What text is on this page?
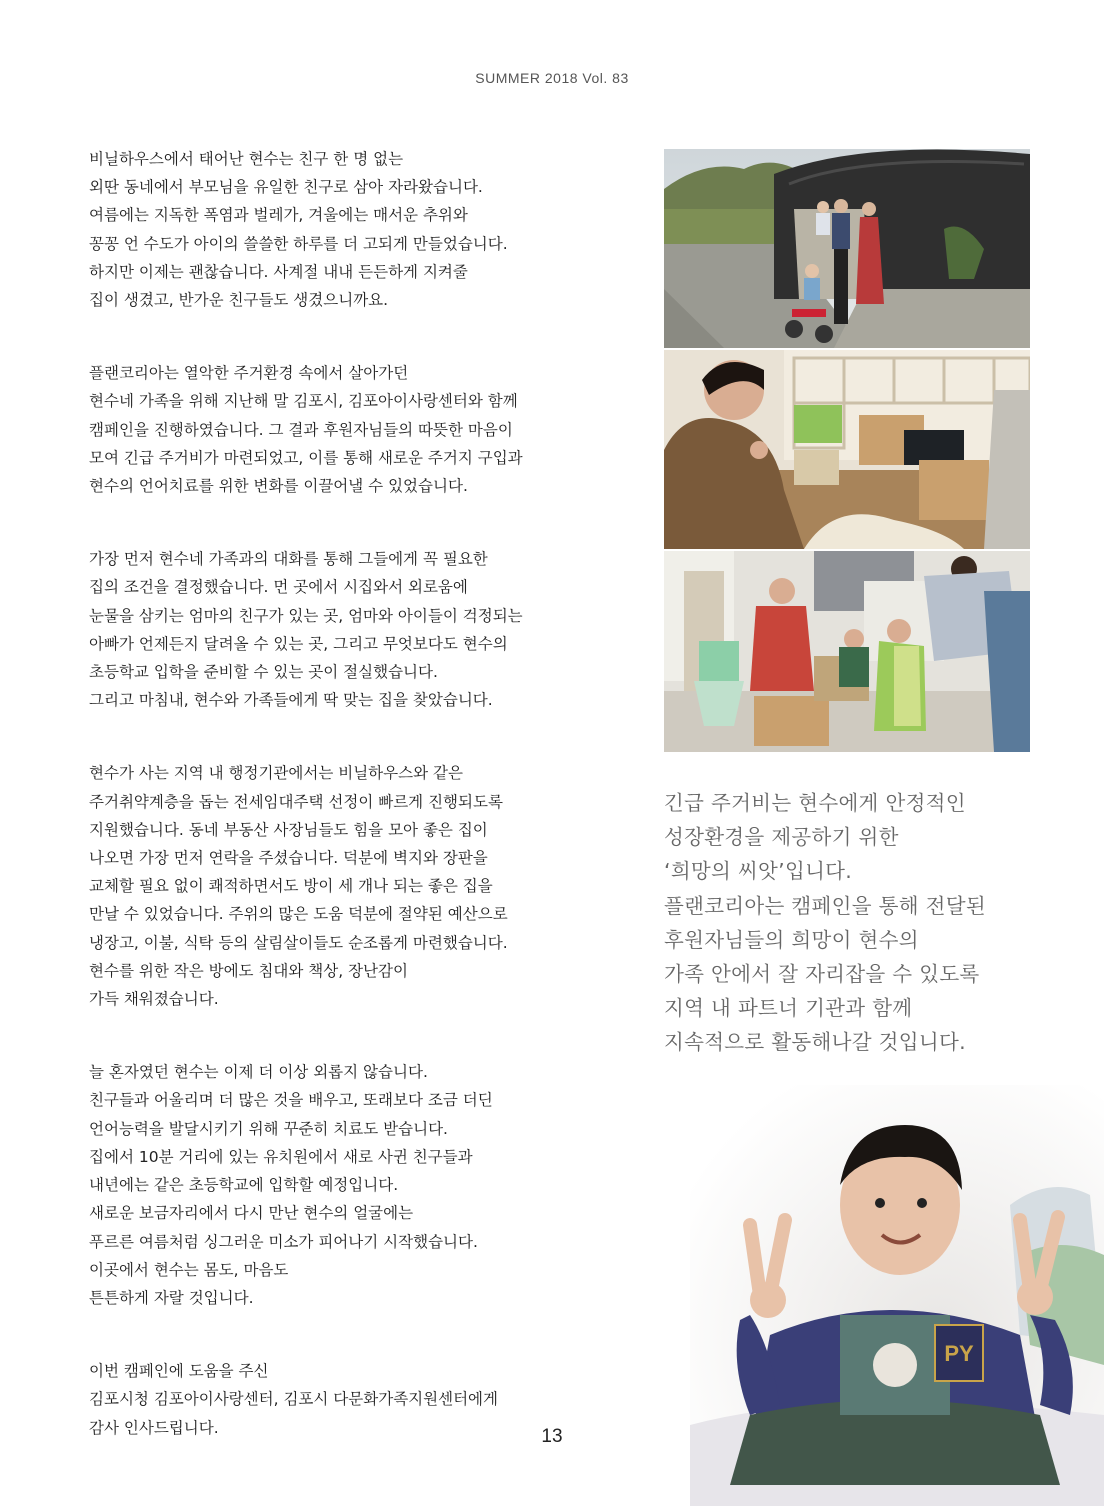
SUMMER 2018 Vol. 83
비닐하우스에서 태어난 현수는 친구 한 명 없는
외딴 동네에서 부모님을 유일한 친구로 삼아 자라왔습니다.
여름에는 지독한 폭염과 벌레가, 겨울에는 매서운 추위와
꽁꽁 언 수도가 아이의 쓸쓸한 하루를 더 고되게 만들었습니다.
하지만 이제는 괜찮습니다. 사계절 내내 든든하게 지켜줄
집이 생겼고, 반가운 친구들도 생겼으니까요.
플랜코리아는 열악한 주거환경 속에서 살아가던
현수네 가족을 위해 지난해 말 김포시, 김포아이사랑센터와 함께
캠페인을 진행하였습니다. 그 결과 후원자님들의 따뜻한 마음이
모여 긴급 주거비가 마련되었고, 이를 통해 새로운 주거지 구입과
현수의 언어치료를 위한 변화를 이끌어낼 수 있었습니다.
가장 먼저 현수네 가족과의 대화를 통해 그들에게 꼭 필요한
집의 조건을 결정했습니다. 먼 곳에서 시집와서 외로움에
눈물을 삼키는 엄마의 친구가 있는 곳, 엄마와 아이들이 걱정되는
아빠가 언제든지 달려올 수 있는 곳, 그리고 무엇보다도 현수의
초등학교 입학을 준비할 수 있는 곳이 절실했습니다.
그리고 마침내, 현수와 가족들에게 딱 맞는 집을 찾았습니다.
현수가 사는 지역 내 행정기관에서는 비닐하우스와 같은
주거취약계층을 돕는 전세임대주택 선정이 빠르게 진행되도록
지원했습니다. 동네 부동산 사장님들도 힘을 모아 좋은 집이
나오면 가장 먼저 연락을 주셨습니다. 덕분에 벽지와 장판을
교체할 필요 없이 쾌적하면서도 방이 세 개나 되는 좋은 집을
만날 수 있었습니다. 주위의 많은 도움 덕분에 절약된 예산으로
냉장고, 이불, 식탁 등의 살림살이들도 순조롭게 마련했습니다.
현수를 위한 작은 방에도 침대와 책상, 장난감이
가득 채워졌습니다.
늘 혼자였던 현수는 이제 더 이상 외롭지 않습니다.
친구들과 어울리며 더 많은 것을 배우고, 또래보다 조금 더딘
언어능력을 발달시키기 위해 꾸준히 치료도 받습니다.
집에서 10분 거리에 있는 유치원에서 새로 사귄 친구들과
내년에는 같은 초등학교에 입학할 예정입니다.
새로운 보금자리에서 다시 만난 현수의 얼굴에는
푸르른 여름처럼 싱그러운 미소가 피어나기 시작했습니다.
이곳에서 현수는 몸도, 마음도
튼튼하게 자랄 것입니다.
이번 캠페인에 도움을 주신
김포시청 김포아이사랑센터, 김포시 다문화가족지원센터에게
감사 인사드립니다.
긴급 주거비는 현수에게 안정적인
성장환경을 제공하기 위한
‘희망의 씨앗’입니다.
플랜코리아는 캠페인을 통해 전달된
후원자님들의 희망이 현수의
가족 안에서 잘 자리잡을 수 있도록
지역 내 파트너 기관과 함께
지속적으로 활동해나갈 것입니다.
PY
13
